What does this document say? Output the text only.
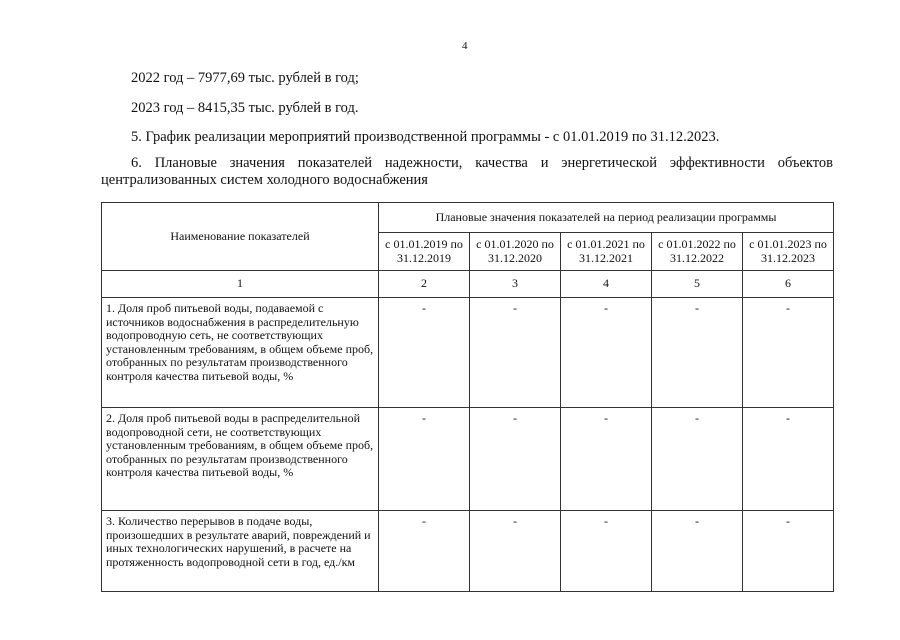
4
2022 год – 7977,69 тыс. рублей в год;
2023 год – 8415,35 тыс. рублей в год.
5. График реализации мероприятий производственной программы - с 01.01.2019 по 31.12.2023.
6. Плановые значения показателей надежности, качества и энергетической эффективности объектов централизованных систем холодного водоснабжения
Наименование показателей	Плановые значения показателей на период реализации программы				
	с 01.01.2019 по 31.12.2019	с 01.01.2020 по 31.12.2020	с 01.01.2021 по 31.12.2021	с 01.01.2022 по 31.12.2022	с 01.01.2023 по 31.12.2023
1	2	3	4	5	6
1. Доля проб питьевой воды, подаваемой с источников водоснабжения в распределительную водопроводную сеть, не соответствующих установленным требованиям, в общем объеме проб, отобранных по результатам производственного контроля качества питьевой воды, %	-	-	-	-	-
2. Доля проб питьевой воды в распределительной водопроводной сети, не соответствующих установленным требованиям, в общем объеме проб, отобранных по результатам производственного контроля качества питьевой воды, %	-	-	-	-	-
3. Количество перерывов в подаче воды, произошедших в результате аварий, повреждений и иных технологических нарушений, в расчете на протяженность водопроводной сети в год, ед./км	-	-	-	-	-
